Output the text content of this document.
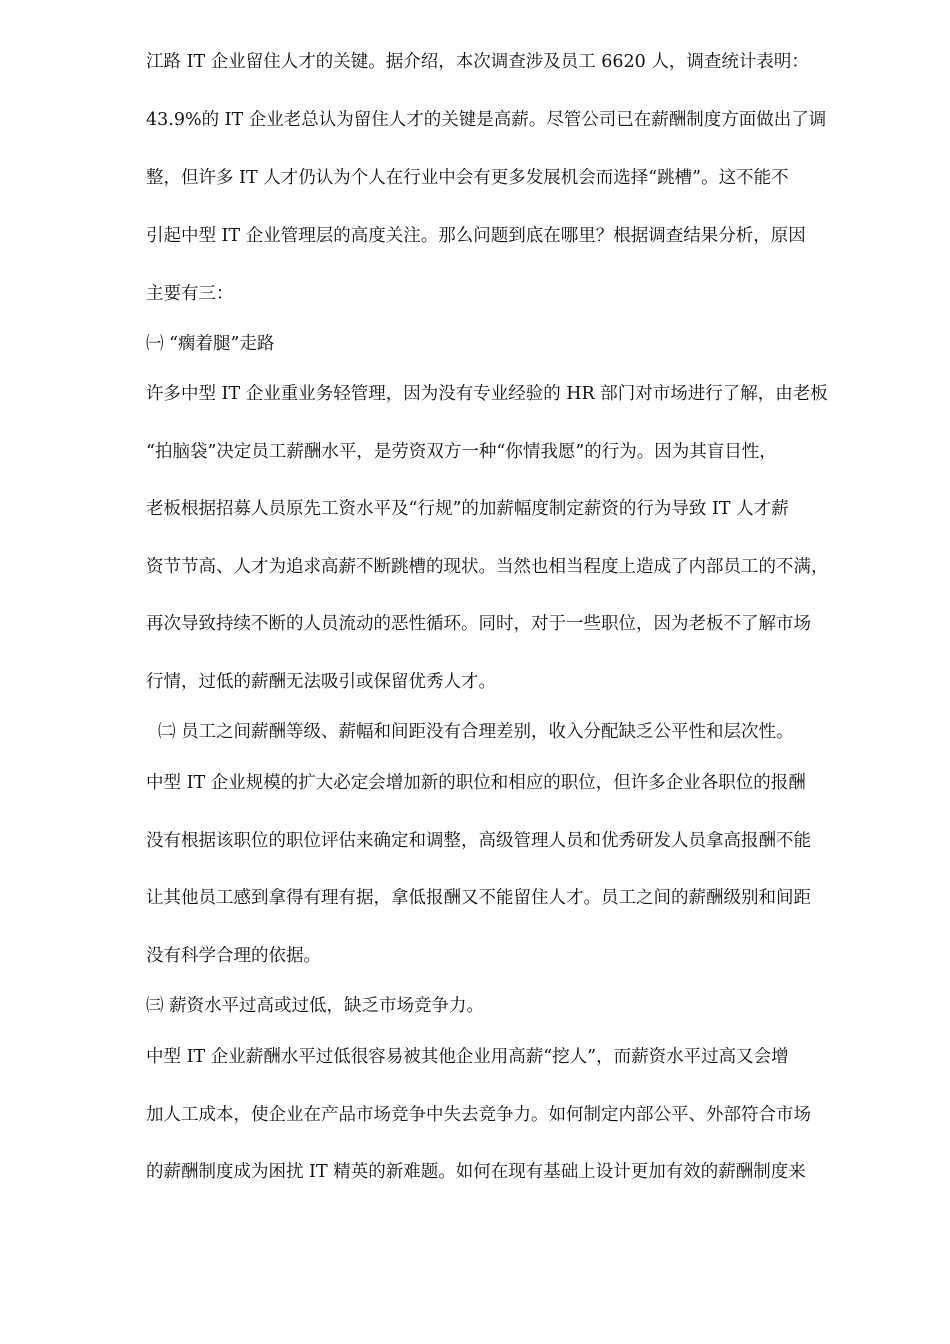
江路 IT 企业留住人才的关键。据介绍，本次调查涉及员工 6620 人，调查统计表明：
43.9%的 IT 企业老总认为留住人才的关键是高薪。尽管公司已在薪酬制度方面做出了调
整，但许多 IT 人才仍认为个人在行业中会有更多发展机会而选择“跳槽”。这不能不
引起中型 IT 企业管理层的高度关注。那么问题到底在哪里？根据调查结果分析，原因
主要有三：
㈠ “瘸着腿”走路
许多中型 IT 企业重业务轻管理，因为没有专业经验的 HR 部门对市场进行了解，由老板
“拍脑袋”决定员工薪酬水平，是劳资双方一种“你情我愿”的行为。因为其盲目性，
老板根据招募人员原先工资水平及“行规”的加薪幅度制定薪资的行为导致 IT 人才薪
资节节高、人才为追求高薪不断跳槽的现状。当然也相当程度上造成了内部员工的不满，
再次导致持续不断的人员流动的恶性循环。同时，对于一些职位，因为老板不了解市场
行情，过低的薪酬无法吸引或保留优秀人才。
㈡ 员工之间薪酬等级、薪幅和间距没有合理差别，收入分配缺乏公平性和层次性。
中型 IT 企业规模的扩大必定会增加新的职位和相应的职位，但许多企业各职位的报酬
没有根据该职位的职位评估来确定和调整，高级管理人员和优秀研发人员拿高报酬不能
让其他员工感到拿得有理有据，拿低报酬又不能留住人才。员工之间的薪酬级别和间距
没有科学合理的依据。
㈢ 薪资水平过高或过低，缺乏市场竞争力。
中型 IT 企业薪酬水平过低很容易被其他企业用高薪“挖人”，而薪资水平过高又会增
加人工成本，使企业在产品市场竞争中失去竞争力。如何制定内部公平、外部符合市场
的薪酬制度成为困扰 IT 精英的新难题。如何在现有基础上设计更加有效的薪酬制度来
